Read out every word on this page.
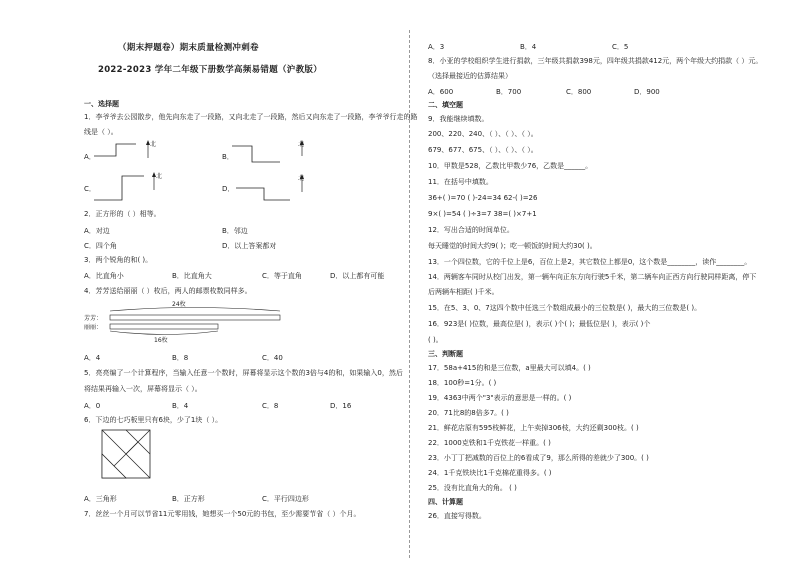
（期末押题卷）期末质量检测冲刺卷
2022-2023 学年二年级下册数学高频易错题（沪教版）
一、选择题
1．李爷爷去公园散步，他先向东走了一段路，又向北走了一段路，然后又向东走了一段路，李爷爷行走的路
线是（ ）。
A．
北
B．
北
C．
北
D．
北
2．正方形的（ ）相等。
A．对边	B．邻边
C．四个角	D．以上答案都对
3．两个锐角的和( )。
A．比直角小	B．比直角大	C．等于直角	D．以上都有可能
4．芳芳送给丽丽（ ）枚后，两人的邮票枚数同样多。
24枚
芳芳：
丽丽：
16枚
A．4	B．8	C．40
5．亮亮编了一个计算程序，当输入任意一个数时，屏幕将显示这个数的3倍与4的和，如果输入0，然后
将结果再输入一次，屏幕将显示（ ）。
A．0	B．4	C．8	D．16
6．下边的七巧板里只有6块，少了1块（ ）。
A．三角形	B．正方形	C．平行四边形
7．丝丝一个月可以节省11元零用钱，她想买一个50元的书包，至少需要节省（ ）个月。
A．3	B．4	C．5
8．小亚的学校组织学生进行捐款，三年级共捐款398元，四年级共捐款412元，两个年级大约捐款（ ）元。
（选择最接近的估算结果）
A．600	B．700	C．800	D．900
二、填空题
9．我能继续填数。
200、220、240、（ ）、（ ）、（ ）。
679、677、675、（ ）、（ ）、（ ）。
10．甲数是528，乙数比甲数少76，乙数是______。
11．在括号中填数。
36+( )=70 ( )-24=34 62-( )=26
9×( )=54 ( )÷3=7 38=( )×7+1
12．写出合适的时间单位。
每天睡觉的时间大约9( )；吃一顿饭的时间大约30( )。
13．一个四位数，它的千位上是6，百位上是2，其它数位上都是0，这个数是________，读作________。
14．两辆客车同时从校门出发，第一辆车向正东方向行驶5千米，第二辆车向正西方向行驶同样距离，停下
后两辆车相距( )千米。
15．在5、3、0、7这四个数中任选三个数组成最小的三位数是( )，最大的三位数是( )。
16．923是( )位数，最高位是( )，表示( )个( )；最低位是( )，表示( )个
( )。
三、判断题
17．58a+415的和是三位数，a里最大可以填4。( )
18．100秒=1分。( )
19．4363中两个"3"表示的意思是一样的。( )
20．71比8的8倍多7。( )
21．鲜花店原有595枝鲜花，上午卖掉306枝，大约还剩300枝。( )
22．1000克铁和1千克铁花一样重。( )
23．小丁丁把减数的百位上的6看成了9，那么所得的差就少了300。( )
24．1千克铁块比1千克棉花重得多。( )
25．没有比直角大的角。 ( )
四、计算题
26．直接写得数。
